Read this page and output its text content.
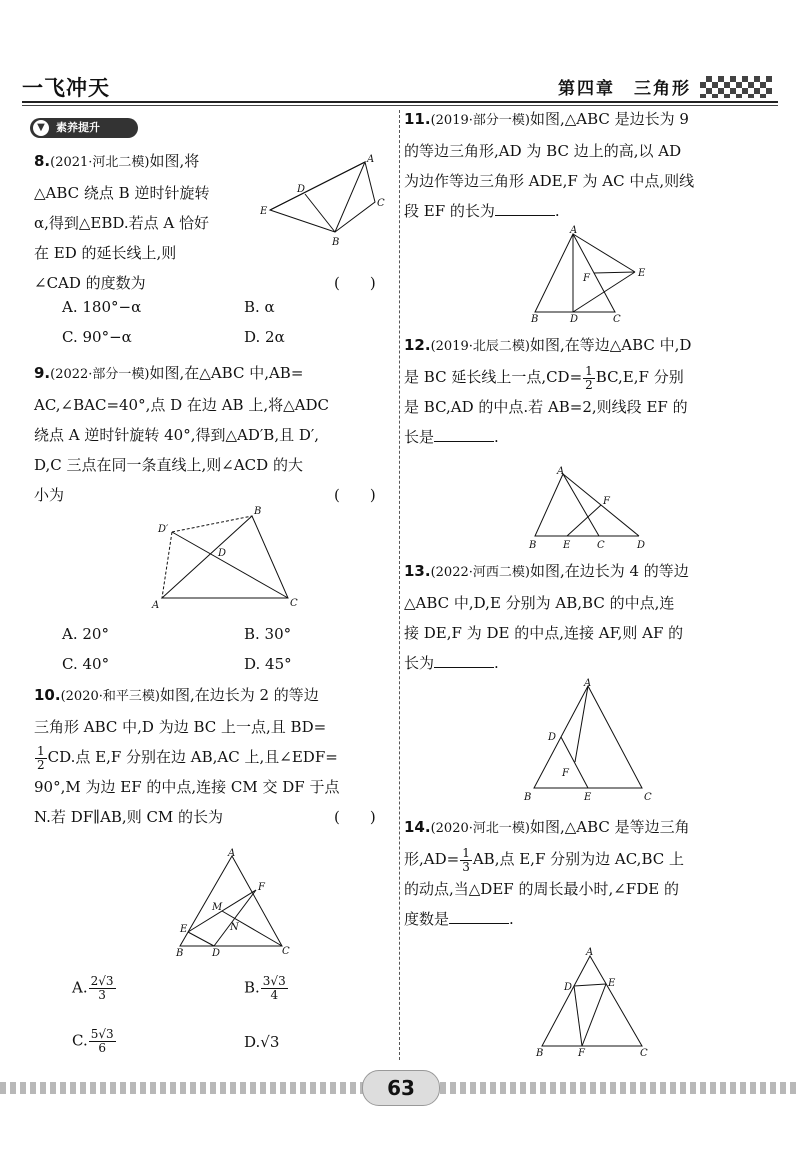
一飞冲天	第四章　三角形
▼	素养提升
8.(2021·河北二模)如图,将
△ABC 绕点 B 逆时针旋转
α,得到△EBD.若点 A 恰好
在 ED 的延长线上,则
∠CAD 的度数为	(　　)
A
D
E
C
B
A. 180°−α	B. α
C. 90°−α	D. 2α
9.(2022·部分一模)如图,在△ABC 中,AB=
AC,∠BAC=40°,点 D 在边 AB 上,将△ADC
绕点 A 逆时针旋转 40°,得到△AD′B,且 D′,
D,C 三点在同一条直线上,则∠ACD 的大
小为	(　　)
B
D′
D
A	C
A. 20°	B. 30°
C. 40°	D. 45°
10.(2020·和平三模)如图,在边长为 2 的等边
三角形 ABC 中,D 为边 BC 上一点,且 BD=
$\frac{1}{2}$ CD.点 E,F 分别在边 AB,AC 上,且∠EDF=
90°,M 为边 EF 的中点,连接 CM 交 DF 于点
N.若 DF∥AB,则 CM 的长为	(　　)
A
F
M
E	N
B	D	C
A. $\frac{2√3}{3}$	B. $\frac{3√3}{4}$
C. $\frac{5√3}{6}$	D.√3
11.(2019·部分一模)如图,△ABC 是边长为 9
的等边三角形,AD 为 BC 边上的高,以 AD
为边作等边三角形 ADE,F 为 AC 中点,则线
段 EF 的长为	.
A
F	E
B	D	C
12.(2019·北辰二模)如图,在等边△ABC 中,D
是 BC 延长线上一点$,CD= \frac{1}{2} BC,E,F$ 分别
是 BC,AD 的中点.若 AB=2,则线段 EF 的
长是	.
A
F
B	E	C	D
13.(2022·河西二模)如图,在边长为 4 的等边
△ABC 中,D,E 分别为 AB,BC 的中点,连
接 DE,F 为 DE 的中点,连接 AF,则 AF 的
长为	.
A
D
F
B	E	C
14.(2020·河北一模)如图,△ABC 是等边三角
形$,AD= \frac{1}{3}$ AB,点 E,F 分别为边 AC,BC 上
的动点,当△DEF 的周长最小时,∠FDE 的
度数是	.
A
D	E
B	F	C
63
